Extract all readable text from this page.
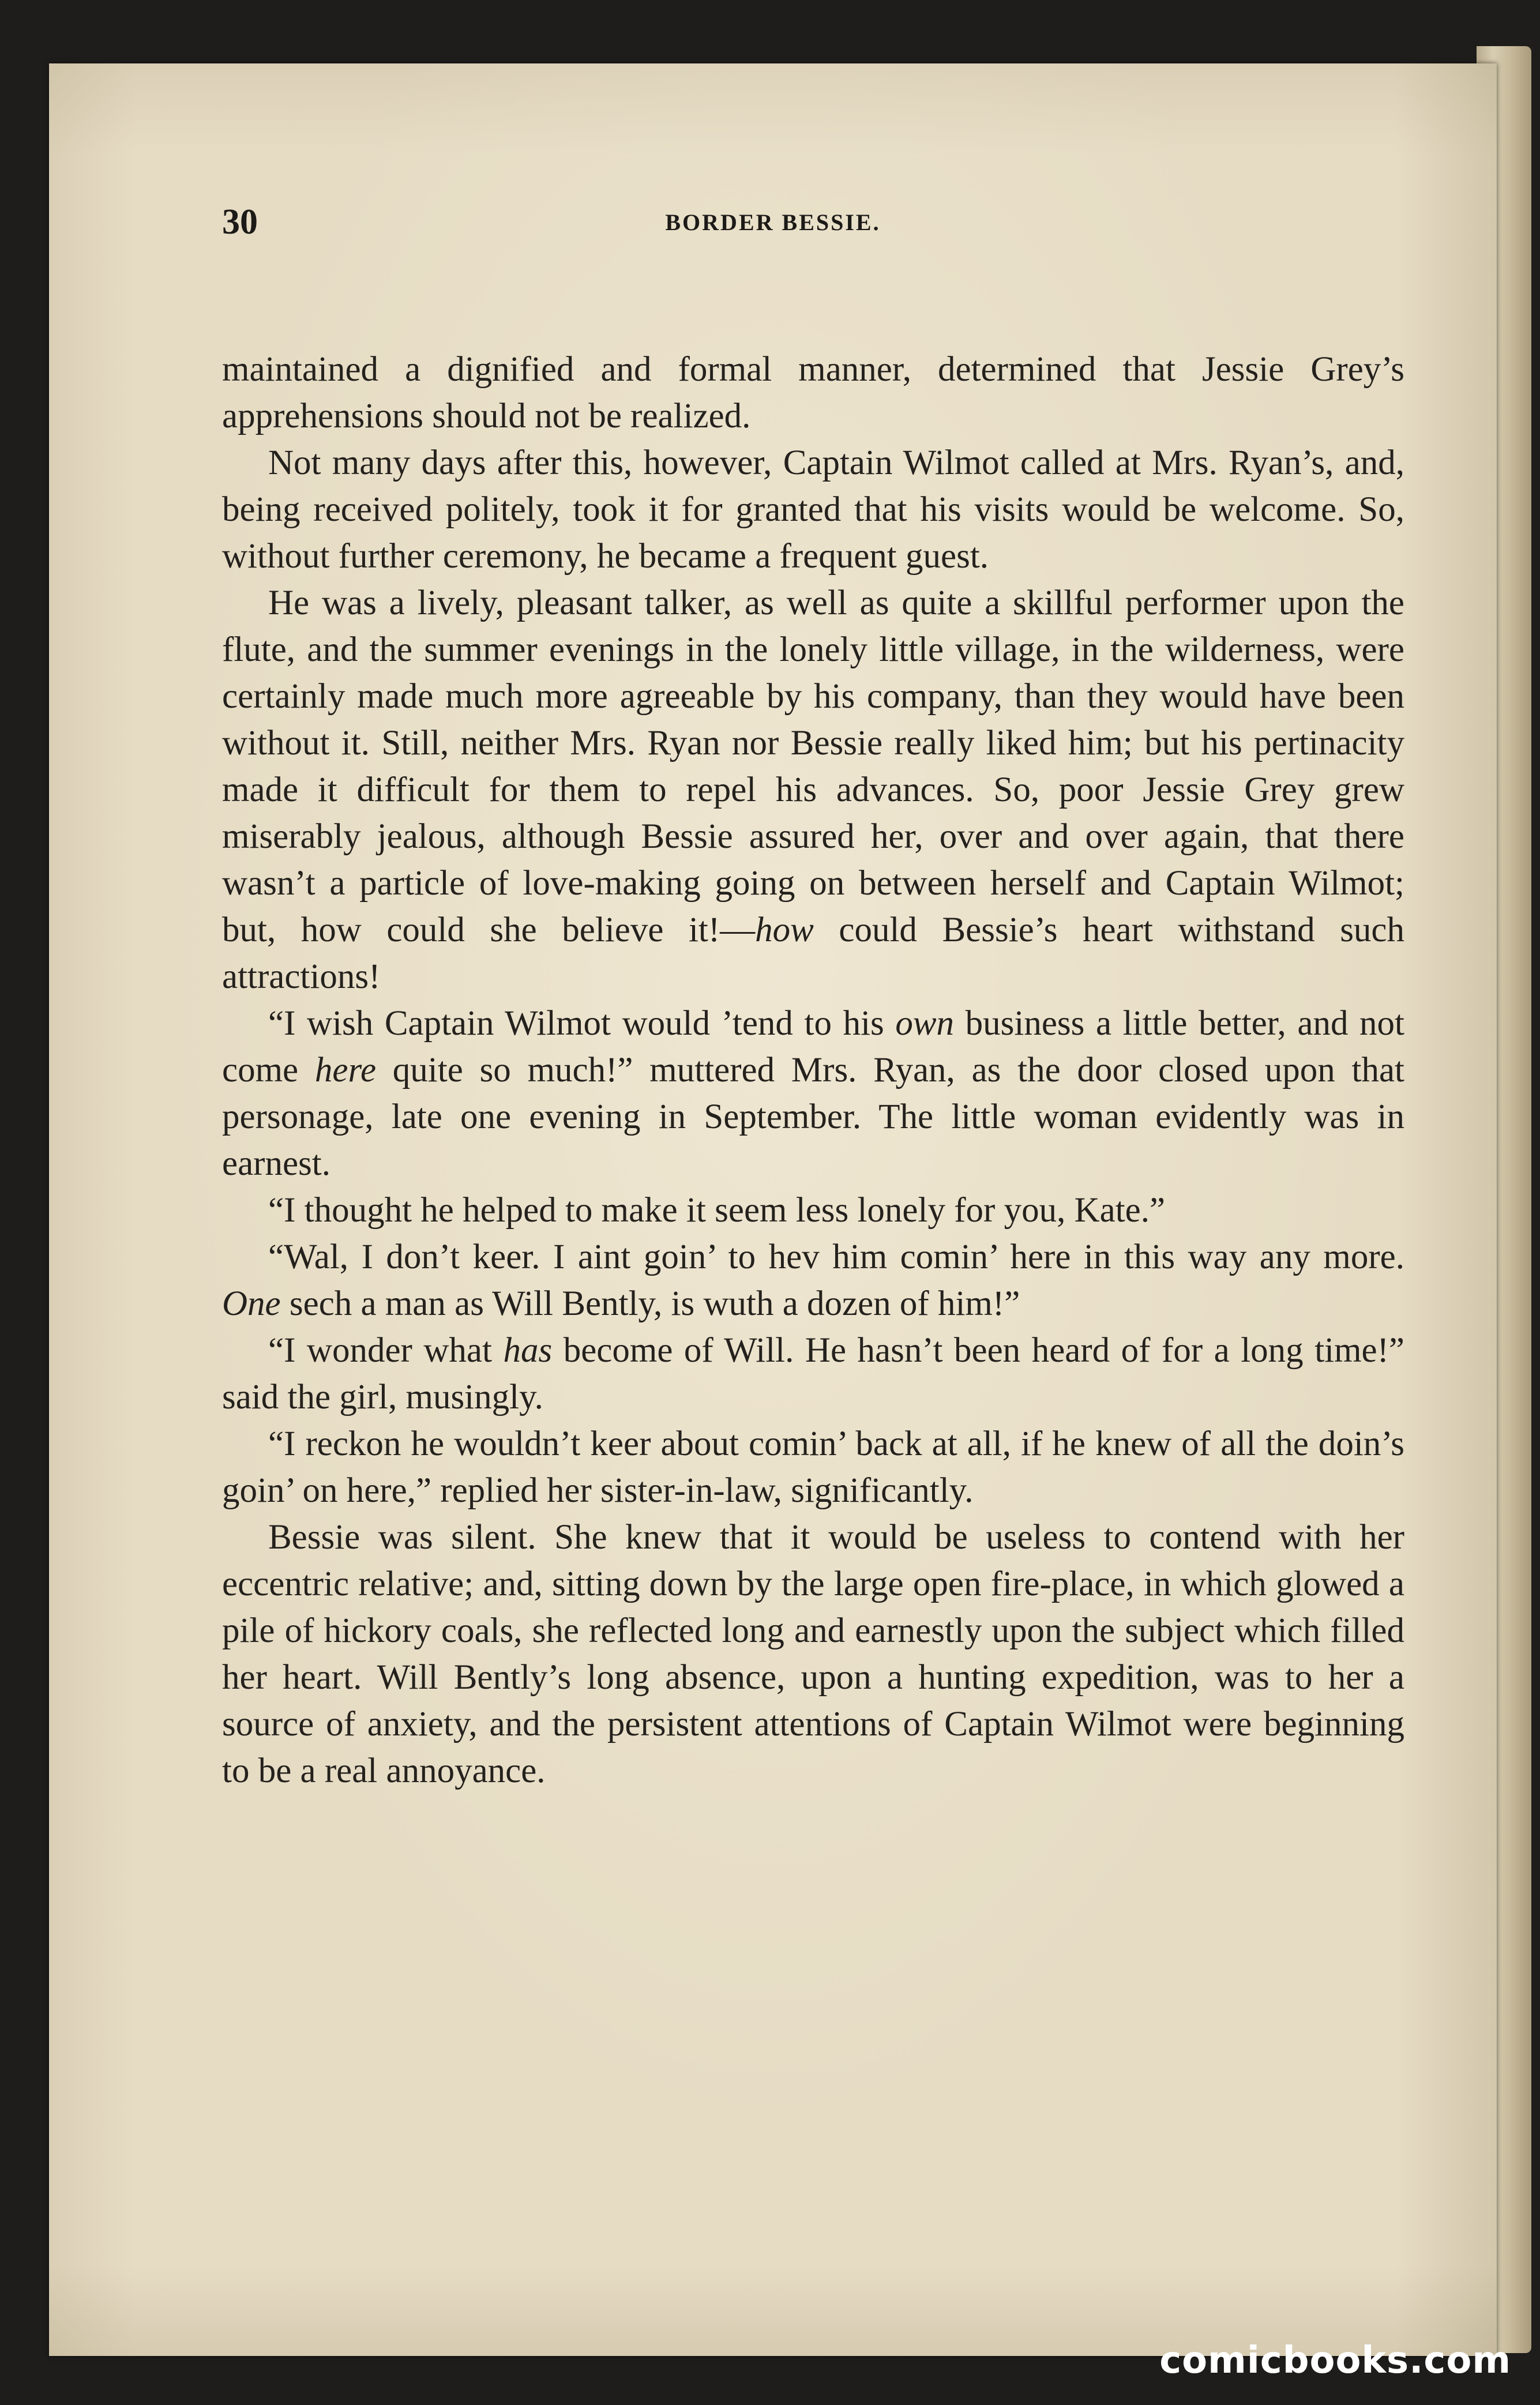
30	BORDER BESSIE.

maintained a dignified and formal manner, determined that Jessie Grey’s apprehensions should not be realized.

Not many days after this, however, Captain Wilmot called at Mrs. Ryan’s, and, being received politely, took it for granted that his visits would be welcome. So, without further ceremony, he became a frequent guest.

He was a lively, pleasant talker, as well as quite a skillful performer upon the flute, and the summer evenings in the lonely little village, in the wilderness, were certainly made much more agreeable by his company, than they would have been without it. Still, neither Mrs. Ryan nor Bessie really liked him; but his pertinacity made it difficult for them to repel his advances. So, poor Jessie Grey grew miserably jealous, although Bessie assured her, over and over again, that there wasn’t a particle of love-making going on between herself and Captain Wilmot; but, how could she believe it!—how could Bessie’s heart withstand such attractions!

“I wish Captain Wilmot would ’tend to his own business a little better, and not come here quite so much!” muttered Mrs. Ryan, as the door closed upon that personage, late one evening in September. The little woman evidently was in earnest.

“I thought he helped to make it seem less lonely for you, Kate.”

“Wal, I don’t keer. I aint goin’ to hev him comin’ here in this way any more. One sech a man as Will Bently, is wuth a dozen of him!”

“I wonder what has become of Will. He hasn’t been heard of for a long time!” said the girl, musingly.

“I reckon he wouldn’t keer about comin’ back at all, if he knew of all the doin’s goin’ on here,” replied her sister-in-law, significantly.

Bessie was silent. She knew that it would be useless to contend with her eccentric relative; and, sitting down by the large open fire-place, in which glowed a pile of hickory coals, she reflected long and earnestly upon the subject which filled her heart. Will Bently’s long absence, upon a hunting expedition, was to her a source of anxiety, and the persistent attentions of Captain Wilmot were beginning to be a real annoyance.

comicbooks.com
